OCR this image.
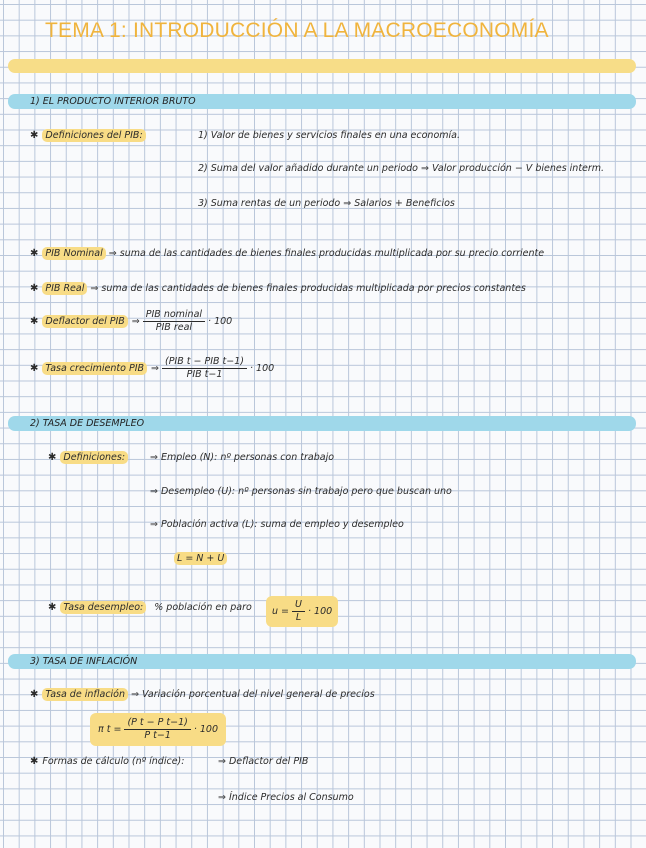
TEMA 1: INTRODUCCIÓN A LA MACROECONOMÍA
1) EL PRODUCTO INTERIOR BRUTO
✱ Definiciones del PIB:	1) Valor de bienes y servicios finales en una economía.
2) Suma del valor añadido durante un periodo ⇒ Valor producción − V bienes interm.
3) Suma rentas de un periodo ⇒ Salarios + Beneficios
✱ PIB Nominal ⇒ suma de las cantidades de bienes finales producidas multiplicada por su precio corriente
✱ PIB Real ⇒ suma de las cantidades de bienes finales producidas multiplicada por precios constantes
✱ Deflactor del PIB ⇒ $\frac{\text{PIB nominal}}{\text{PIB real}} \cdot 100$
✱ Tasa crecimiento PIB ⇒ $\frac{\text{(PIB t − PIB t−1)}}{\text{PIB t−1}} \cdot 100$
2) TASA DE DESEMPLEO
✱ Definiciones:	⇒ Empleo (N): nº personas con trabajo
⇒ Desempleo (U): nº personas sin trabajo pero que buscan uno
⇒ Población activa (L): suma de empleo y desempleo
L = N + U
✱ Tasa desempleo:	% población en paro $u = \frac{U}{L} \cdot 100$
3) TASA DE INFLACIÓN
✱ Tasa de inflación ⇒ Variación porcentual del nivel general de precios
π $t = \frac{\text{(P t − P t−1)}}{\text{P t−1}} \cdot 100$
✱ Formas de cálculo (nº índice):	⇒ Deflactor del PIB
⇒ Índice Precios al Consumo
